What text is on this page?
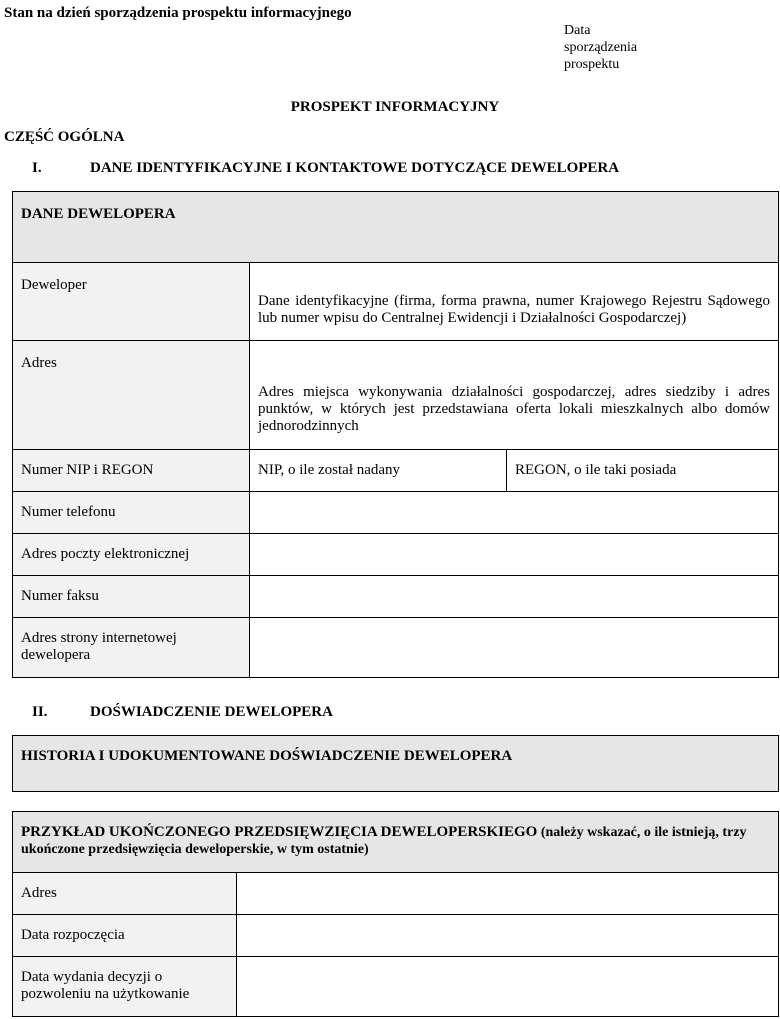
Stan na dzień sporządzenia prospektu informacyjnego
Data
sporządzenia
prospektu
PROSPEKT INFORMACYJNY
CZĘŚĆ OGÓLNA
I.	DANE IDENTYFIKACYJNE I KONTAKTOWE DOTYCZĄCE DEWELOPERA
DANE DEWELOPERA		
Deweloper	Dane identyfikacyjne (firma, forma prawna, numer Krajowego Rejestru Sądowego lub numer wpisu do Centralnej Ewidencji i Działalności Gospodarczej)	
Adres	Adres miejsca wykonywania działalności gospodarczej, adres siedziby i adres punktów, w których jest przedstawiana oferta lokali mieszkalnych albo domów jednorodzinnych	
Numer NIP i REGON	NIP, o ile został nadany	REGON, o ile taki posiada
Numer telefonu		
Adres poczty elektronicznej		
Numer faksu		
Adres strony internetowej dewelopera		
II.	DOŚWIADCZENIE DEWELOPERA
HISTORIA I UDOKUMENTOWANE DOŚWIADCZENIE DEWELOPERA
PRZYKŁAD UKOŃCZONEGO PRZEDSIĘWZIĘCIA DEWELOPERSKIEGO (należy wskazać, o ile istnieją, trzy ukończone przedsięwzięcia deweloperskie, w tym ostatnie)	
Adres	
Data rozpoczęcia	
Data wydania decyzji o pozwoleniu na użytkowanie	
